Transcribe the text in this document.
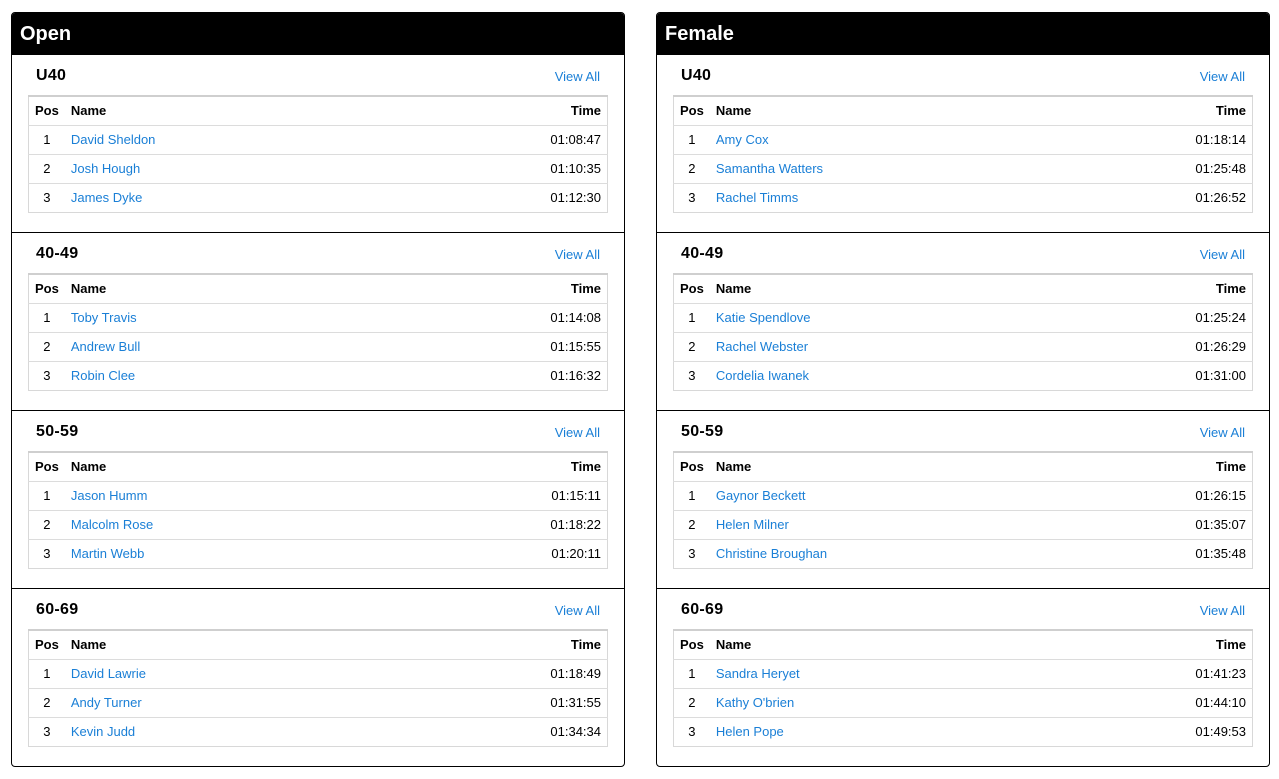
Open
U40	View All
Pos	Name	Time
1	David Sheldon	01:08:47
2	Josh Hough	01:10:35
3	James Dyke	01:12:30
40-49	View All
Pos	Name	Time
1	Toby Travis	01:14:08
2	Andrew Bull	01:15:55
3	Robin Clee	01:16:32
50-59	View All
Pos	Name	Time
1	Jason Humm	01:15:11
2	Malcolm Rose	01:18:22
3	Martin Webb	01:20:11
60-69	View All
Pos	Name	Time
1	David Lawrie	01:18:49
2	Andy Turner	01:31:55
3	Kevin Judd	01:34:34
Female
U40	View All
Pos	Name	Time
1	Amy Cox	01:18:14
2	Samantha Watters	01:25:48
3	Rachel Timms	01:26:52
40-49	View All
Pos	Name	Time
1	Katie Spendlove	01:25:24
2	Rachel Webster	01:26:29
3	Cordelia Iwanek	01:31:00
50-59	View All
Pos	Name	Time
1	Gaynor Beckett	01:26:15
2	Helen Milner	01:35:07
3	Christine Broughan	01:35:48
60-69	View All
Pos	Name	Time
1	Sandra Heryet	01:41:23
2	Kathy O'brien	01:44:10
3	Helen Pope	01:49:53
